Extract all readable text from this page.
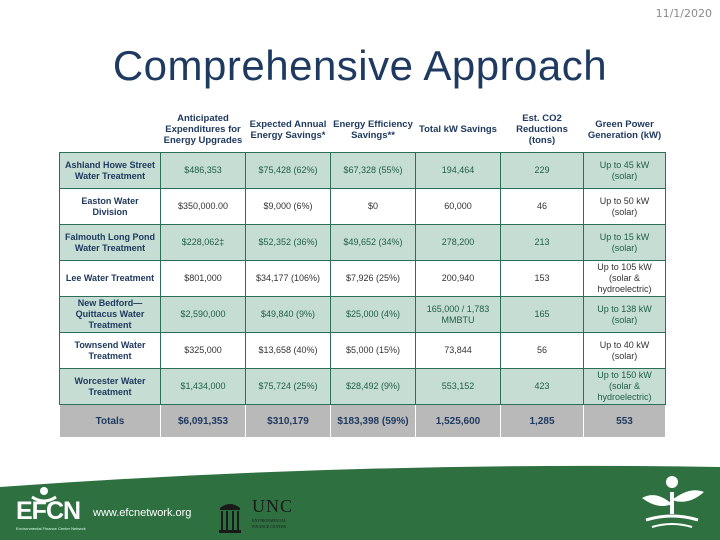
11/1/2020
Comprehensive Approach
	Anticipated Expenditures for Energy Upgrades	Expected Annual Energy Savings*	Energy Efficiency Savings**	Total kW Savings	Est. CO2 Reductions (tons)	Green Power Generation (kW)
Ashland Howe Street Water Treatment	$486,353	$75,428 (62%)	$67,328 (55%)	194,464	229	Up to 45 kW (solar)
Easton Water Division	$350,000.00	$9,000 (6%)	$0	60,000	46	Up to 50 kW (solar)
Falmouth Long Pond Water Treatment	$228,062‡	$52,352 (36%)	$49,652 (34%)	278,200	213	Up to 15 kW (solar)
Lee Water Treatment	$801,000	$34,177 (106%)	$7,926 (25%)	200,940	153	Up to 105 kW (solar & hydroelectric)
New Bedford—Quittacus Water Treatment	$2,590,000	$49,840 (9%)	$25,000 (4%)	165,000 / 1,783 MMBTU	165	Up to 138 kW (solar)
Townsend Water Treatment	$325,000	$13,658 (40%)	$5,000 (15%)	73,844	56	Up to 40 kW (solar)
Worcester Water Treatment	$1,434,000	$75,724 (25%)	$28,492 (9%)	553,152	423	Up to 150 kW (solar & hydroelectric)
Totals	$6,091,353	$310,179	$183,398 (59%)	1,525,600	1,285	553
EFCN
Environmental Finance Center Network
www.efcnetwork.org	UNC
ENVIRONMENTAL
FINANCE CENTER
